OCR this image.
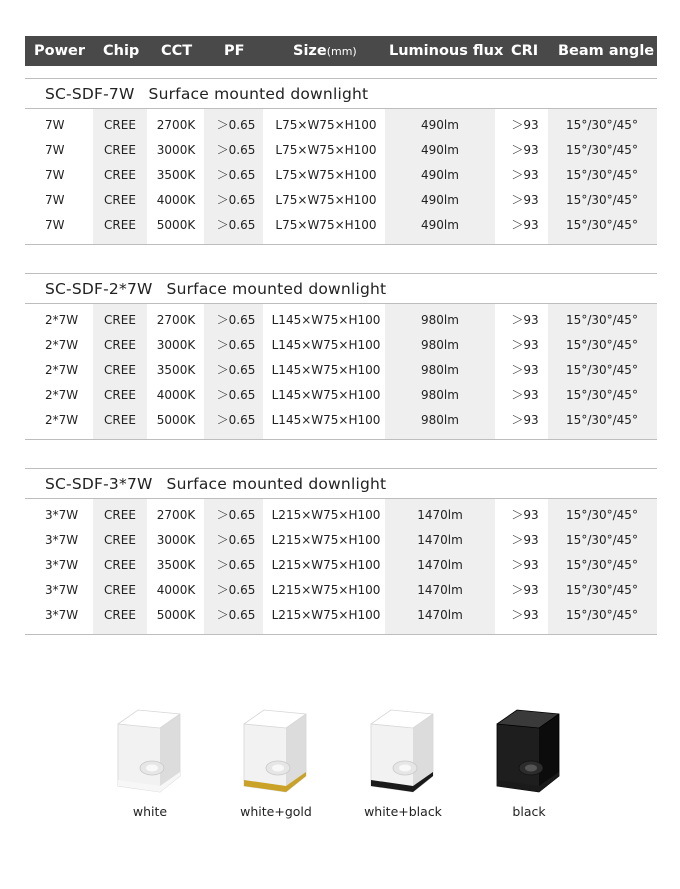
Power Chip CCT PF	Size(mm) Luminous flux CRI Beam angle
SC-SDF-7W Surface mounted downlight
7W	CREE 2700K ＞0.65 L75×W75×H100	490lm	＞93 15°/30°/45°
7W	CREE 3000K ＞0.65 L75×W75×H100	490lm	＞93 15°/30°/45°
7W	CREE 3500K ＞0.65 L75×W75×H100	490lm	＞93 15°/30°/45°
7W	CREE 4000K ＞0.65 L75×W75×H100	490lm	＞93 15°/30°/45°
7W	CREE 5000K ＞0.65 L75×W75×H100	490lm	＞93 15°/30°/45°
SC-SDF-2*7W Surface mounted downlight
2*7W CREE 2700K ＞0.65 L145×W75×H100	980lm	＞93 15°/30°/45°
2*7W CREE 3000K ＞0.65 L145×W75×H100	980lm	＞93 15°/30°/45°
2*7W CREE 3500K ＞0.65 L145×W75×H100	980lm	＞93 15°/30°/45°
2*7W CREE 4000K ＞0.65 L145×W75×H100	980lm	＞93 15°/30°/45°
2*7W CREE 5000K ＞0.65 L145×W75×H100	980lm	＞93 15°/30°/45°
SC-SDF-3*7W Surface mounted downlight
3*7W CREE 2700K ＞0.65 L215×W75×H100	1470lm	＞93 15°/30°/45°
3*7W CREE 3000K ＞0.65 L215×W75×H100	1470lm	＞93 15°/30°/45°
3*7W CREE 3500K ＞0.65 L215×W75×H100	1470lm	＞93 15°/30°/45°
3*7W CREE 4000K ＞0.65 L215×W75×H100	1470lm	＞93 15°/30°/45°
3*7W CREE 5000K ＞0.65 L215×W75×H100	1470lm	＞93 15°/30°/45°
white	white+gold	white+black	black
